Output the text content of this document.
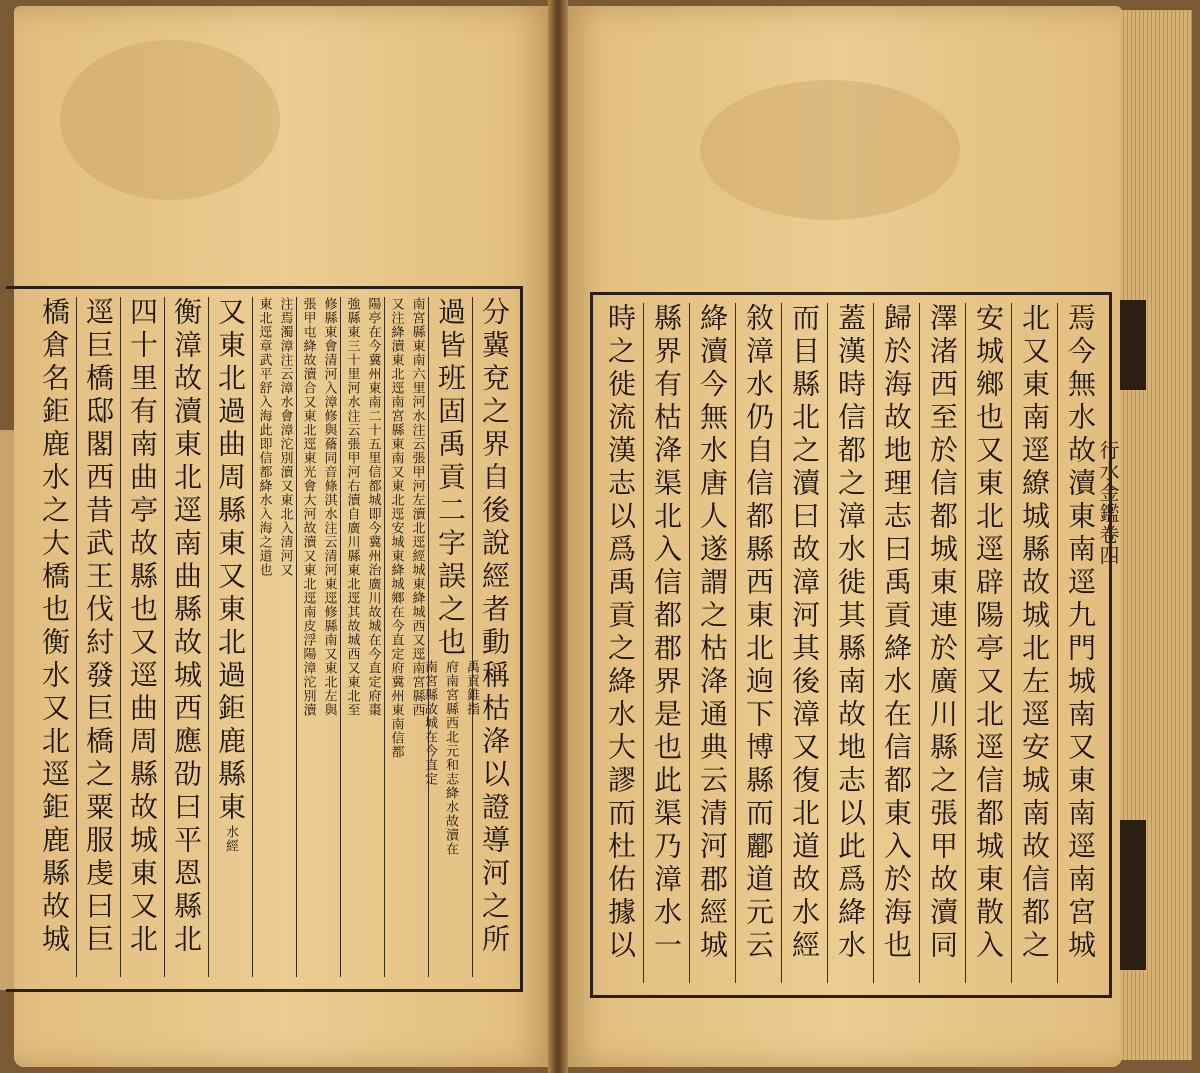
行水金鑑卷四
分冀兗之界自後說經者動稱枯洚以證導河之所
過皆班固禹貢二字誤之也
禹貢錐指
府南宮縣西北元和志絳水故瀆在
南宮縣故城在今直定
南宮縣東南六里河水注云張甲河左瀆北逕經城東絳城西又逕南宮縣西
又注絳瀆東北逕南宮縣東南又東北逕安城東絳城鄉在今直定府冀州東南信都
陽亭在今冀州東南二十五里信都城即今冀州治廣川故城在今直定府棗
強縣東三十里河水注云張甲河右瀆自廣川縣東北逕其故城西又東北至
修縣東會清河入漳修與蓨同音條淇水注云清河東逕修縣南又東北左與
張甲屯絳故瀆合又東北逕東光會大河故瀆又東北逕南皮浮陽漳沱別瀆
注焉濁漳注云漳水會漳沱別瀆又東北入清河又
東北逕章武平舒入海此即信都絳水入海之道也
又東北過曲周縣東又東北過鉅鹿縣東
水經
衡漳故瀆東北逕南曲縣故城西應劭曰平恩縣北
四十里有南曲亭故縣也又逕曲周縣故城東又北
逕巨橋邸閣西昔武王伐紂發巨橋之粟服虔曰巨
橋倉名鉅鹿水之大橋也衡水又北逕鉅鹿縣故城	焉今無水故瀆東南逕九門城南又東南逕南宮城
北又東南逕繚城縣故城北左逕安城南故信都之
安城鄉也又東北逕辟陽亭又北逕信都城東散入
澤渚西至於信都城東連於廣川縣之張甲故瀆同
歸於海故地理志曰禹貢絳水在信都東入於海也
蓋漢時信都之漳水徙其縣南故地志以此爲絳水
而目縣北之瀆曰故漳河其後漳又復北道故水經
敘漳水仍自信都縣西東北逈下博縣而酈道元云
絳瀆今無水唐人遂謂之枯洚通典云清河郡經城
縣界有枯洚渠北入信都郡界是也此渠乃漳水一
時之徙流漢志以爲禹貢之絳水大謬而杜佑據以
